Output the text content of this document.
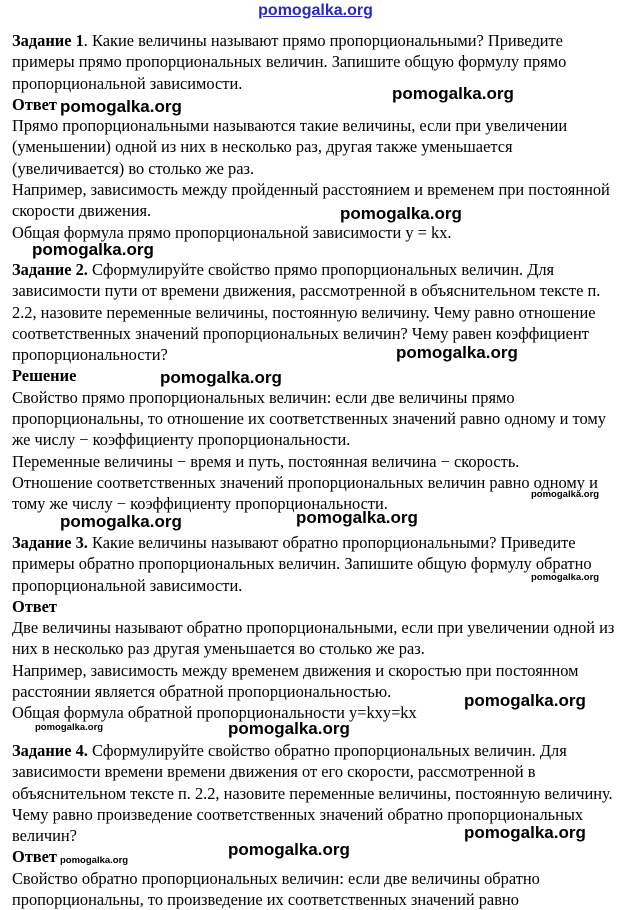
pomogalka.org

Задание 1. Какие величины называют прямо пропорциональными? Приведите примеры прямо пропорциональных величин. Запишите общую формулу прямо пропорциональной зависимости.

Ответ

Прямо пропорциональными называются такие величины, если при увеличении (уменьшении) одной из них в несколько раз, другая также уменьшается (увеличивается) во столько же раз.

Например, зависимость между пройденный расстоянием и временем при постоянной скорости движения.

Общая формула прямо пропорциональной зависимости y = kx.

Задание 2. Сформулируйте свойство прямо пропорциональных величин. Для зависимости пути от времени движения, рассмотренной в объяснительном тексте п. 2.2, назовите переменные величины, постоянную величину. Чему равно отношение соответственных значений пропорциональных величин? Чему равен коэффициент пропорциональности?

Решение

Свойство прямо пропорциональных величин: если две величины прямо пропорциональны, то отношение их соответственных значений равно одному и тому же числу − коэффициенту пропорциональности.

Переменные величины − время и путь, постоянная величина − скорость.

Отношение соответственных значений пропорциональных величин равно одному и тому же числу − коэффициенту пропорциональности.

Задание 3. Какие величины называют обратно пропорциональными? Приведите примеры обратно пропорциональных величин. Запишите общую формулу обратно пропорциональной зависимости.

Ответ

Две величины называют обратно пропорциональными, если при увеличении одной из них в несколько раз другая уменьшается во столько же раз.

Например, зависимость между временем движения и скоростью при постоянном расстоянии является обратной пропорциональностью.

Общая формула обратной пропорциональности y=kxy=kx

Задание 4. Сформулируйте свойство обратно пропорциональных величин. Для зависимости времени времени движения от его скорости, рассмотренной в объяснительном тексте п. 2.2, назовите переменные величины, постоянную величину. Чему равно произведение соответственных значений обратно пропорциональных величин?

Ответ

Свойство обратно пропорциональных величин: если две величины обратно пропорциональны, то произведение их соответственных значений равно

pomogalka.org
pomogalka.org
pomogalka.org
pomogalka.org
pomogalka.org
pomogalka.org
pomogalka.org
pomogalka.org	pomogalka.org
pomogalka.org
pomogalka.org
pomogalka.org	pomogalka.org
pomogalka.org
pomogalka.org
pomogalka.org
